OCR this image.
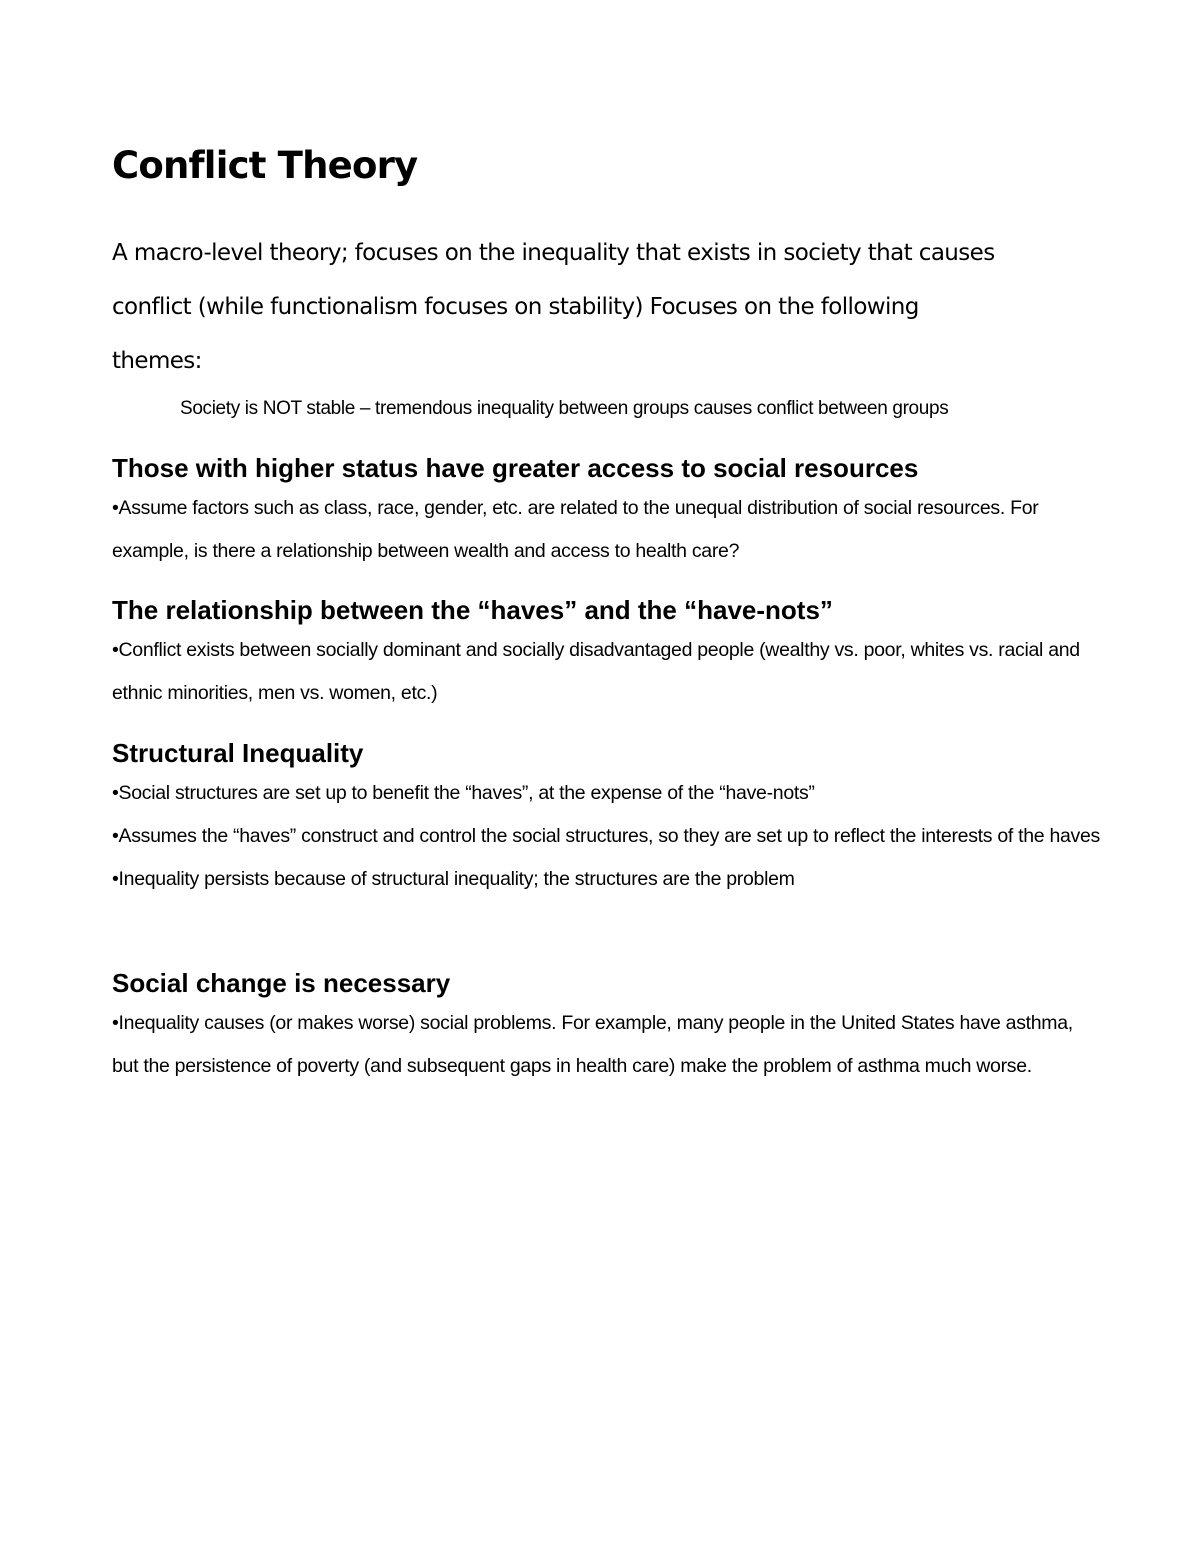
Conflict Theory
A macro-level theory; focuses on the inequality that exists in society that causes
conflict (while functionalism focuses on stability) Focuses on the following
themes:

Society is NOT stable – tremendous inequality between groups causes conflict between groups

Those with higher status have greater access to social resources

•Assume factors such as class, race, gender, etc. are related to the unequal distribution of social resources. For example, is there a relationship between wealth and access to health care?

The relationship between the “haves” and the “have-nots”

•Conflict exists between socially dominant and socially disadvantaged people (wealthy vs. poor, whites vs. racial and ethnic minorities, men vs. women, etc.)

Structural Inequality

•Social structures are set up to benefit the “haves”, at the expense of the “have-nots”

•Assumes the “haves” construct and control the social structures, so they are set up to reflect the interests of the haves

•Inequality persists because of structural inequality; the structures are the problem

Social change is necessary

•Inequality causes (or makes worse) social problems. For example, many people in the United States have asthma, but the persistence of poverty (and subsequent gaps in health care) make the problem of asthma much worse.
